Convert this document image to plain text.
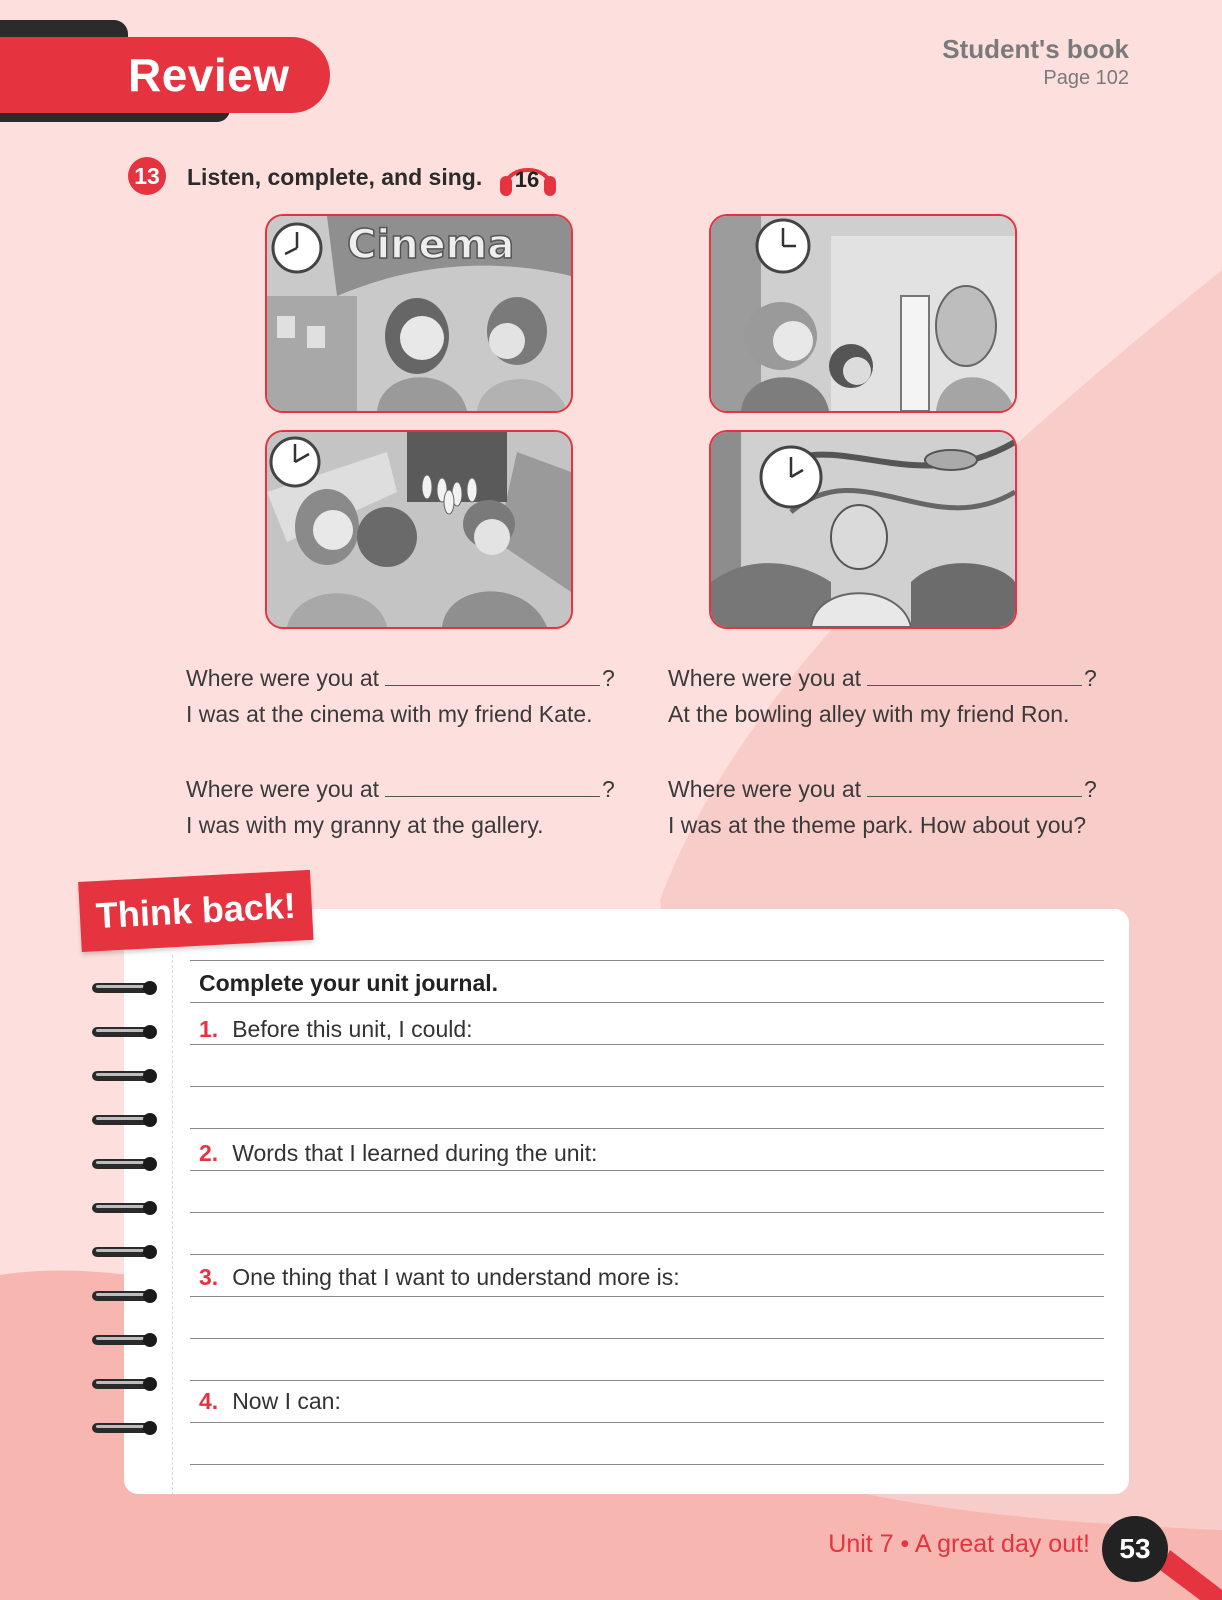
Review	Student's book
Page 102
13 Listen, complete, and sing.	16
Cinema
Where were you at	?
I was at the cinema with my friend Kate.
Where were you at	?
At the bowling alley with my friend Ron.
Where were you at	?
I was with my granny at the gallery.
Where were you at	?
I was at the theme park. How about you?
Think back!
Complete your unit journal.
1. Before this unit, I could:
2. Words that I learned during the unit:
3. One thing that I want to understand more is:
4. Now I can:
Unit 7 • A great day out!	53
